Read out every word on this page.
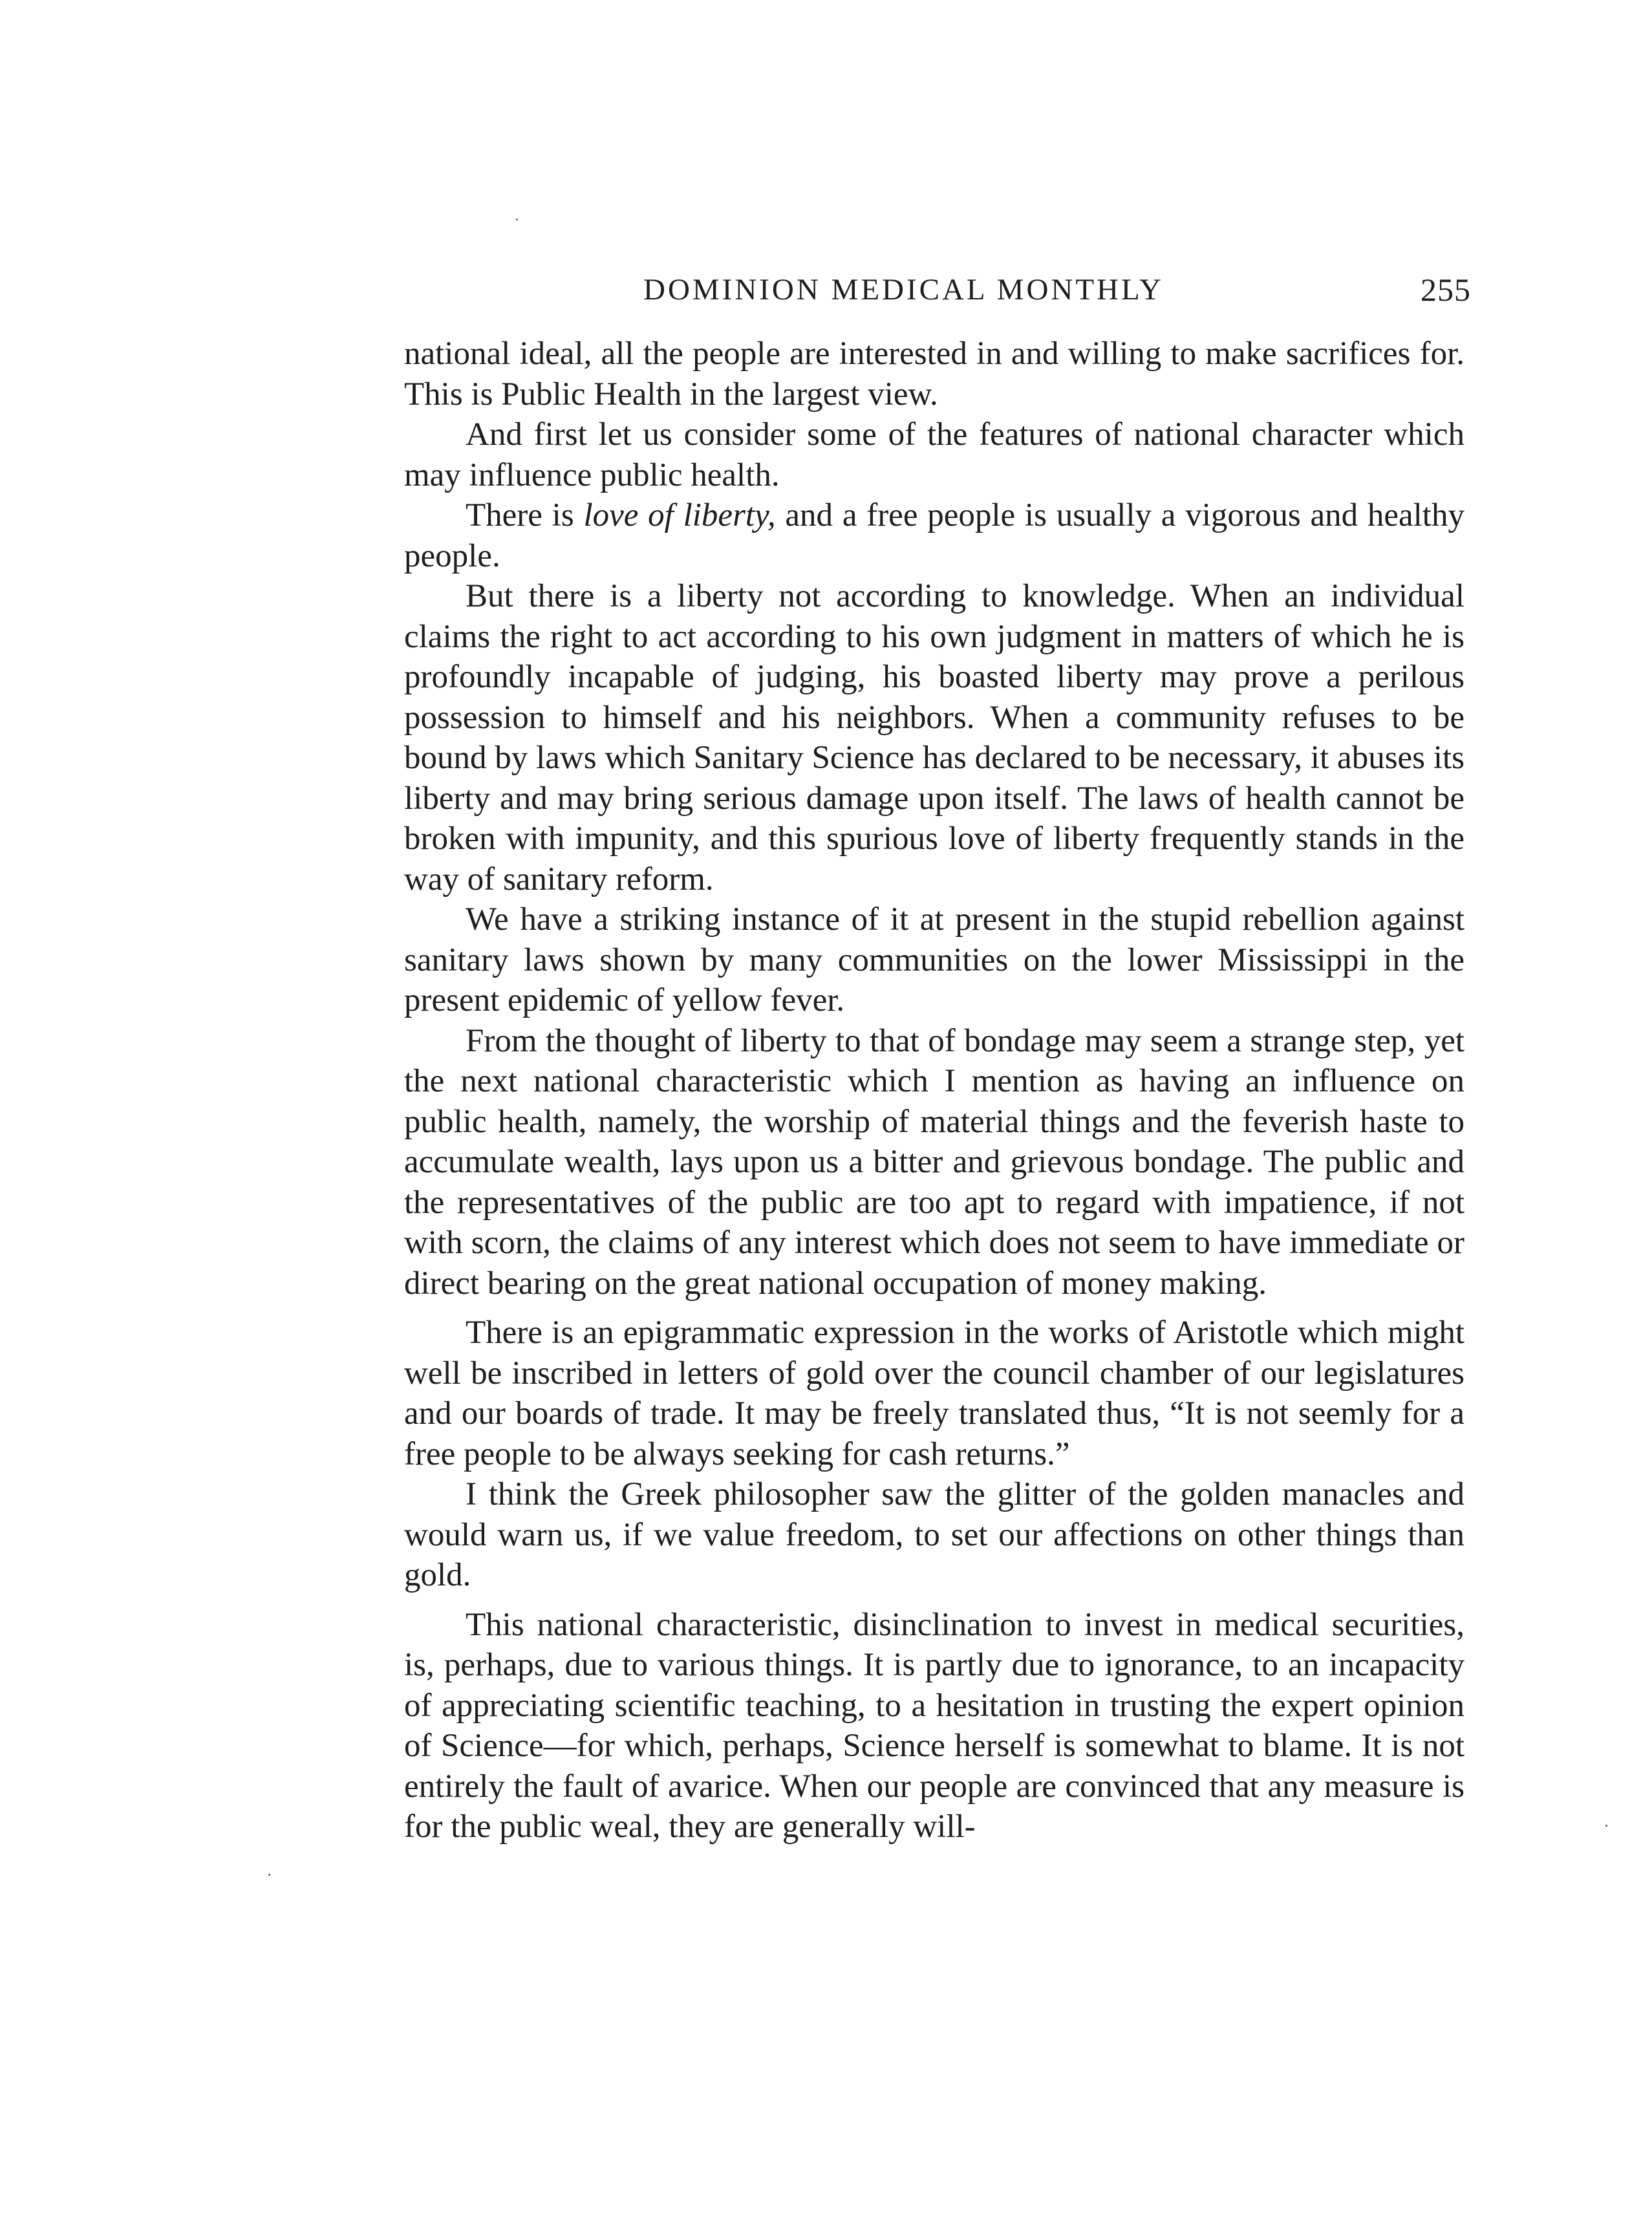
DOMINION MEDICAL MONTHLY	255

national ideal, all the people are interested in and willing to make sacrifices for. This is Public Health in the largest view.

And first let us consider some of the features of national character which may influence public health.

There is love of liberty, and a free people is usually a vigorous and healthy people.

But there is a liberty not according to knowledge. When an individual claims the right to act according to his own judgment in matters of which he is profoundly incapable of judging, his boasted liberty may prove a perilous possession to himself and his neighbors. When a community refuses to be bound by laws which Sanitary Science has declared to be necessary, it abuses its liberty and may bring serious damage upon itself. The laws of health cannot be broken with impunity, and this spurious love of liberty frequently stands in the way of sanitary reform.

We have a striking instance of it at present in the stupid rebellion against sanitary laws shown by many communities on the lower Mississippi in the present epidemic of yellow fever.

From the thought of liberty to that of bondage may seem a strange step, yet the next national characteristic which I mention as having an influence on public health, namely, the worship of material things and the feverish haste to accumulate wealth, lays upon us a bitter and grievous bondage. The public and the representatives of the public are too apt to regard with impatience, if not with scorn, the claims of any interest which does not seem to have immediate or direct bearing on the great national occupation of money making.

There is an epigrammatic expression in the works of Aristotle which might well be inscribed in letters of gold over the council chamber of our legislatures and our boards of trade. It may be freely translated thus, “It is not seemly for a free people to be always seeking for cash returns.”

I think the Greek philosopher saw the glitter of the golden manacles and would warn us, if we value freedom, to set our affections on other things than gold.

This national characteristic, disinclination to invest in medical securities, is, perhaps, due to various things. It is partly due to ignorance, to an incapacity of appreciating scientific teaching, to a hesitation in trusting the expert opinion of Science—for which, perhaps, Science herself is somewhat to blame. It is not entirely the fault of avarice. When our people are convinced that any measure is for the public weal, they are generally will-
